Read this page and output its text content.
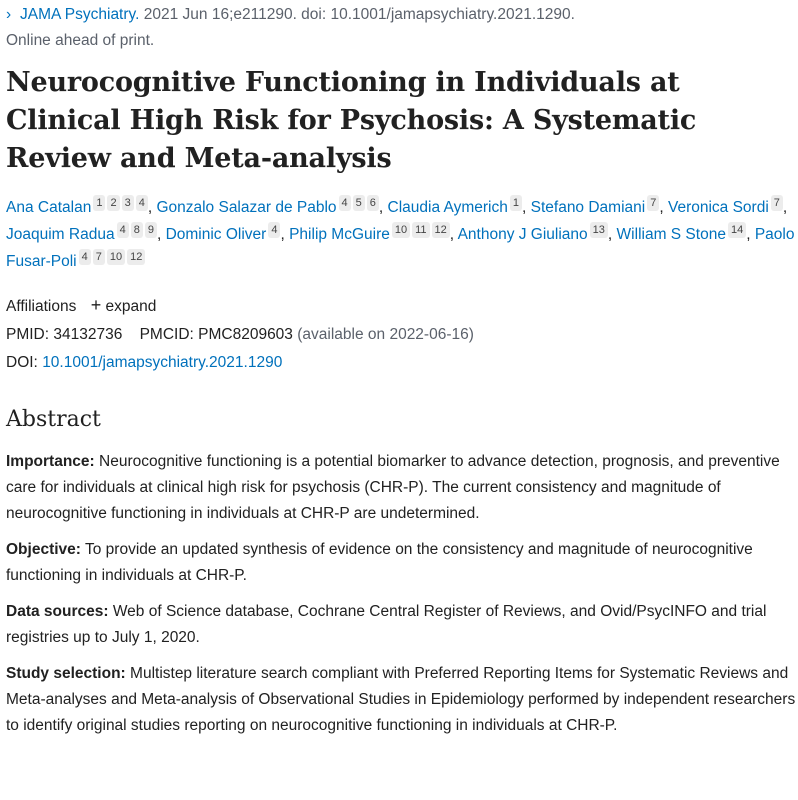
› JAMA Psychiatry. 2021 Jun 16;e211290. doi: 10.1001/jamapsychiatry.2021.1290.
Online ahead of print.
Neurocognitive Functioning in Individuals at Clinical High Risk for Psychosis: A Systematic Review and Meta-analysis
Ana Catalan 1 2 3 4 , Gonzalo Salazar de Pablo 4 5 6 , Claudia Aymerich 1 , Stefano Damiani 7 , Veronica Sordi 7 , Joaquim Radua 4 8 9 , Dominic Oliver 4 , Philip McGuire 10 11 12 , Anthony J Giuliano 13 , William S Stone 14 , Paolo Fusar-Poli 4 7 10 12
Affiliations + expand
PMID: 34132736 PMCID: PMC8209603 (available on 2022-06-16)
DOI: 10.1001/jamapsychiatry.2021.1290
Abstract

Importance: Neurocognitive functioning is a potential biomarker to advance detection, prognosis, and preventive care for individuals at clinical high risk for psychosis (CHR-P). The current consistency and magnitude of neurocognitive functioning in individuals at CHR-P are undetermined.

Objective: To provide an updated synthesis of evidence on the consistency and magnitude of neurocognitive functioning in individuals at CHR-P.

Data sources: Web of Science database, Cochrane Central Register of Reviews, and Ovid/PsycINFO and trial registries up to July 1, 2020.

Study selection: Multistep literature search compliant with Preferred Reporting Items for Systematic Reviews and Meta-analyses and Meta-analysis of Observational Studies in Epidemiology performed by independent researchers to identify original studies reporting on neurocognitive functioning in individuals at CHR-P.
